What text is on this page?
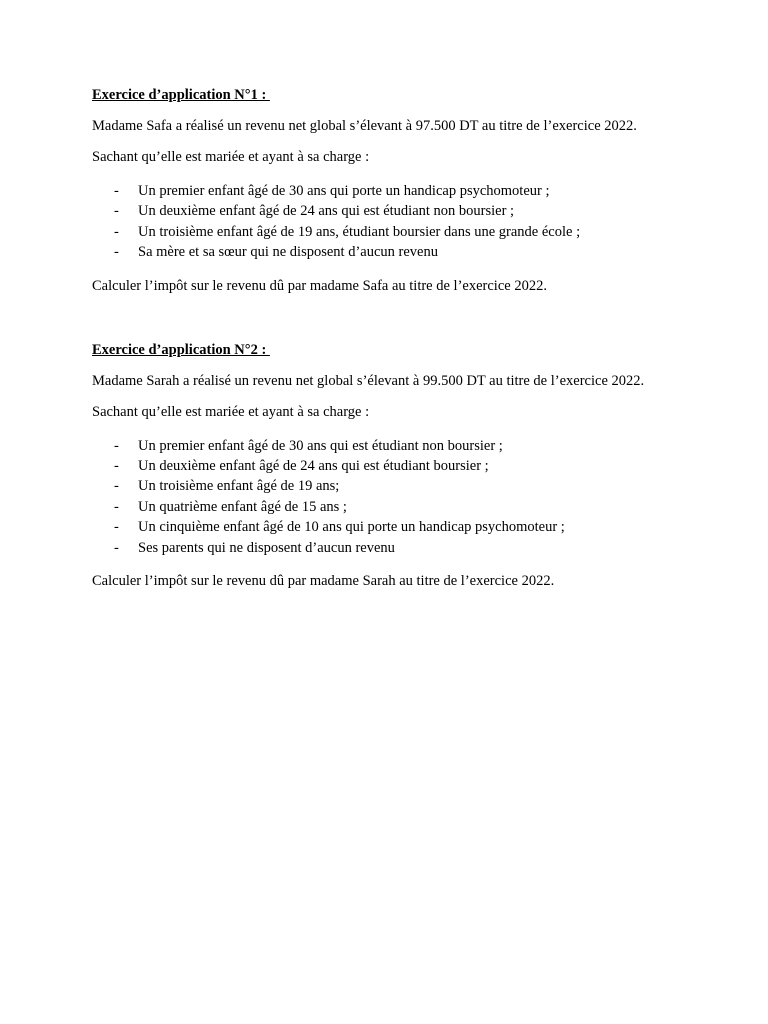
Exercice d’application N°1 :

Madame Safa a réalisé un revenu net global s’élevant à 97.500 DT au titre de l’exercice 2022.

Sachant qu’elle est mariée et ayant à sa charge :

- Un premier enfant âgé de 30 ans qui porte un handicap psychomoteur ;
- Un deuxième enfant âgé de 24 ans qui est étudiant non boursier ;
- Un troisième enfant âgé de 19 ans, étudiant boursier dans une grande école ;
- Sa mère et sa sœur qui ne disposent d’aucun revenu

Calculer l’impôt sur le revenu dû par madame Safa au titre de l’exercice 2022.

Exercice d’application N°2 :

Madame Sarah a réalisé un revenu net global s’élevant à 99.500 DT au titre de l’exercice 2022.

Sachant qu’elle est mariée et ayant à sa charge :

- Un premier enfant âgé de 30 ans qui est étudiant non boursier ;
- Un deuxième enfant âgé de 24 ans qui est étudiant boursier ;
- Un troisième enfant âgé de 19 ans;
- Un quatrième enfant âgé de 15 ans ;
- Un cinquième enfant âgé de 10 ans qui porte un handicap psychomoteur ;
- Ses parents qui ne disposent d’aucun revenu

Calculer l’impôt sur le revenu dû par madame Sarah au titre de l’exercice 2022.
